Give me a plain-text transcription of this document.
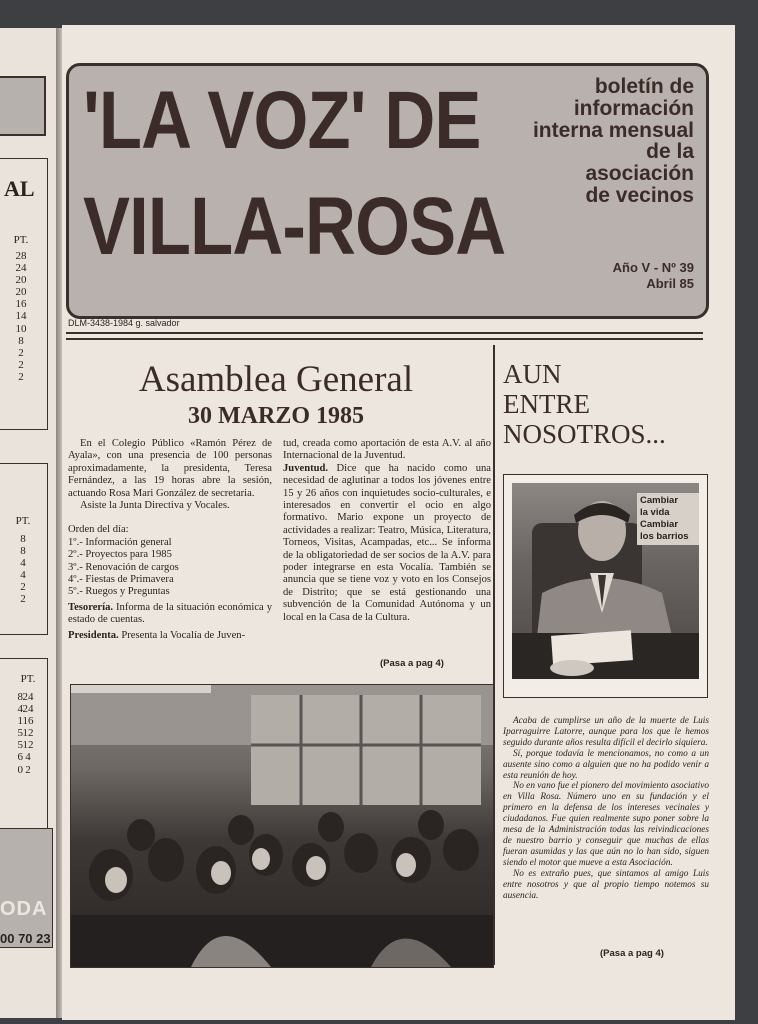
AL
PT.
28
24
20
20
16
14
10
8
2
2
2
PT.
8
8
4
4
2
2
PT.
8
4
1
5
5
6
0
24
24
16
12
12
4
2
ODA
00 70 23
'LA VOZ' DE
VILLA-ROSA
boletín de
información
interna mensual
de la
asociación
de vecinos
Año V - Nº 39
Abril 85
DLM-3438-1984 g. salvador
Asamblea General
30 MARZO 1985

En el Colegio Público «Ramón Pérez de Ayala», con una presencia de 100 personas aproximadamente, la presidenta, Teresa Fernández, a las 19 horas abre la sesión, actuando Rosa Mari González de secretaria.

Asiste la Junta Directiva y Vocales.

Orden del día:

1º.- Información general
2º.- Proyectos para 1985
3º.- Renovación de cargos
4º.- Fiestas de Primavera
5º.- Ruegos y Preguntas

Tesorería. Informa de la situación económica y estado de cuentas.

Presidenta. Presenta la Vocalía de Juven-

tud, creada como aportación de esta A.V. al año Internacional de la Juventud.

Juventud. Dice que ha nacido como una necesidad de aglutinar a todos los jóvenes entre 15 y 26 años con inquietudes socio-culturales, e interesados en convertir el ocio en algo formativo. Mario expone un proyecto de actividades a realizar: Teatro, Música, Literatura, Torneos, Visitas, Acampadas, etc... Se informa de la obligatoriedad de ser socios de la A.V. para poder integrarse en esta Vocalía. También se anuncia que se tiene voz y voto en los Consejos de Distrito; que se está gestionando una subvención de la Comunidad Autónoma y un local en la Casa de la Cultura.

(Pasa a pag 4)
AUN
ENTRE
NOSOTROS...
Cambiar
la vida
Cambiar
los barrios

Acaba de cumplirse un año de la muerte de Luis Iparraguirre Latorre, aunque para los que le hemos seguido durante años resulta difícil el decirlo siquiera.

Sí, porque todavía le mencionamos, no como a un ausente sino como a alguien que no ha podido venir a esta reunión de hoy.

No en vano fue el pionero del movimiento asociativo en Villa Rosa. Número uno en su fundación y el primero en la defensa de los intereses vecinales y ciudadanos. Fue quien realmente supo poner sobre la mesa de la Administración todas las reivindicaciones de nuestro barrio y conseguir que muchas de ellas fueran asumidas y las que aún no lo han sido, siguen siendo el motor que mueve a esta Asociación.

No es extraño pues, que sintamos al amigo Luis entre nosotros y que al propio tiempo notemos su ausencia.

(Pasa a pag 4)
